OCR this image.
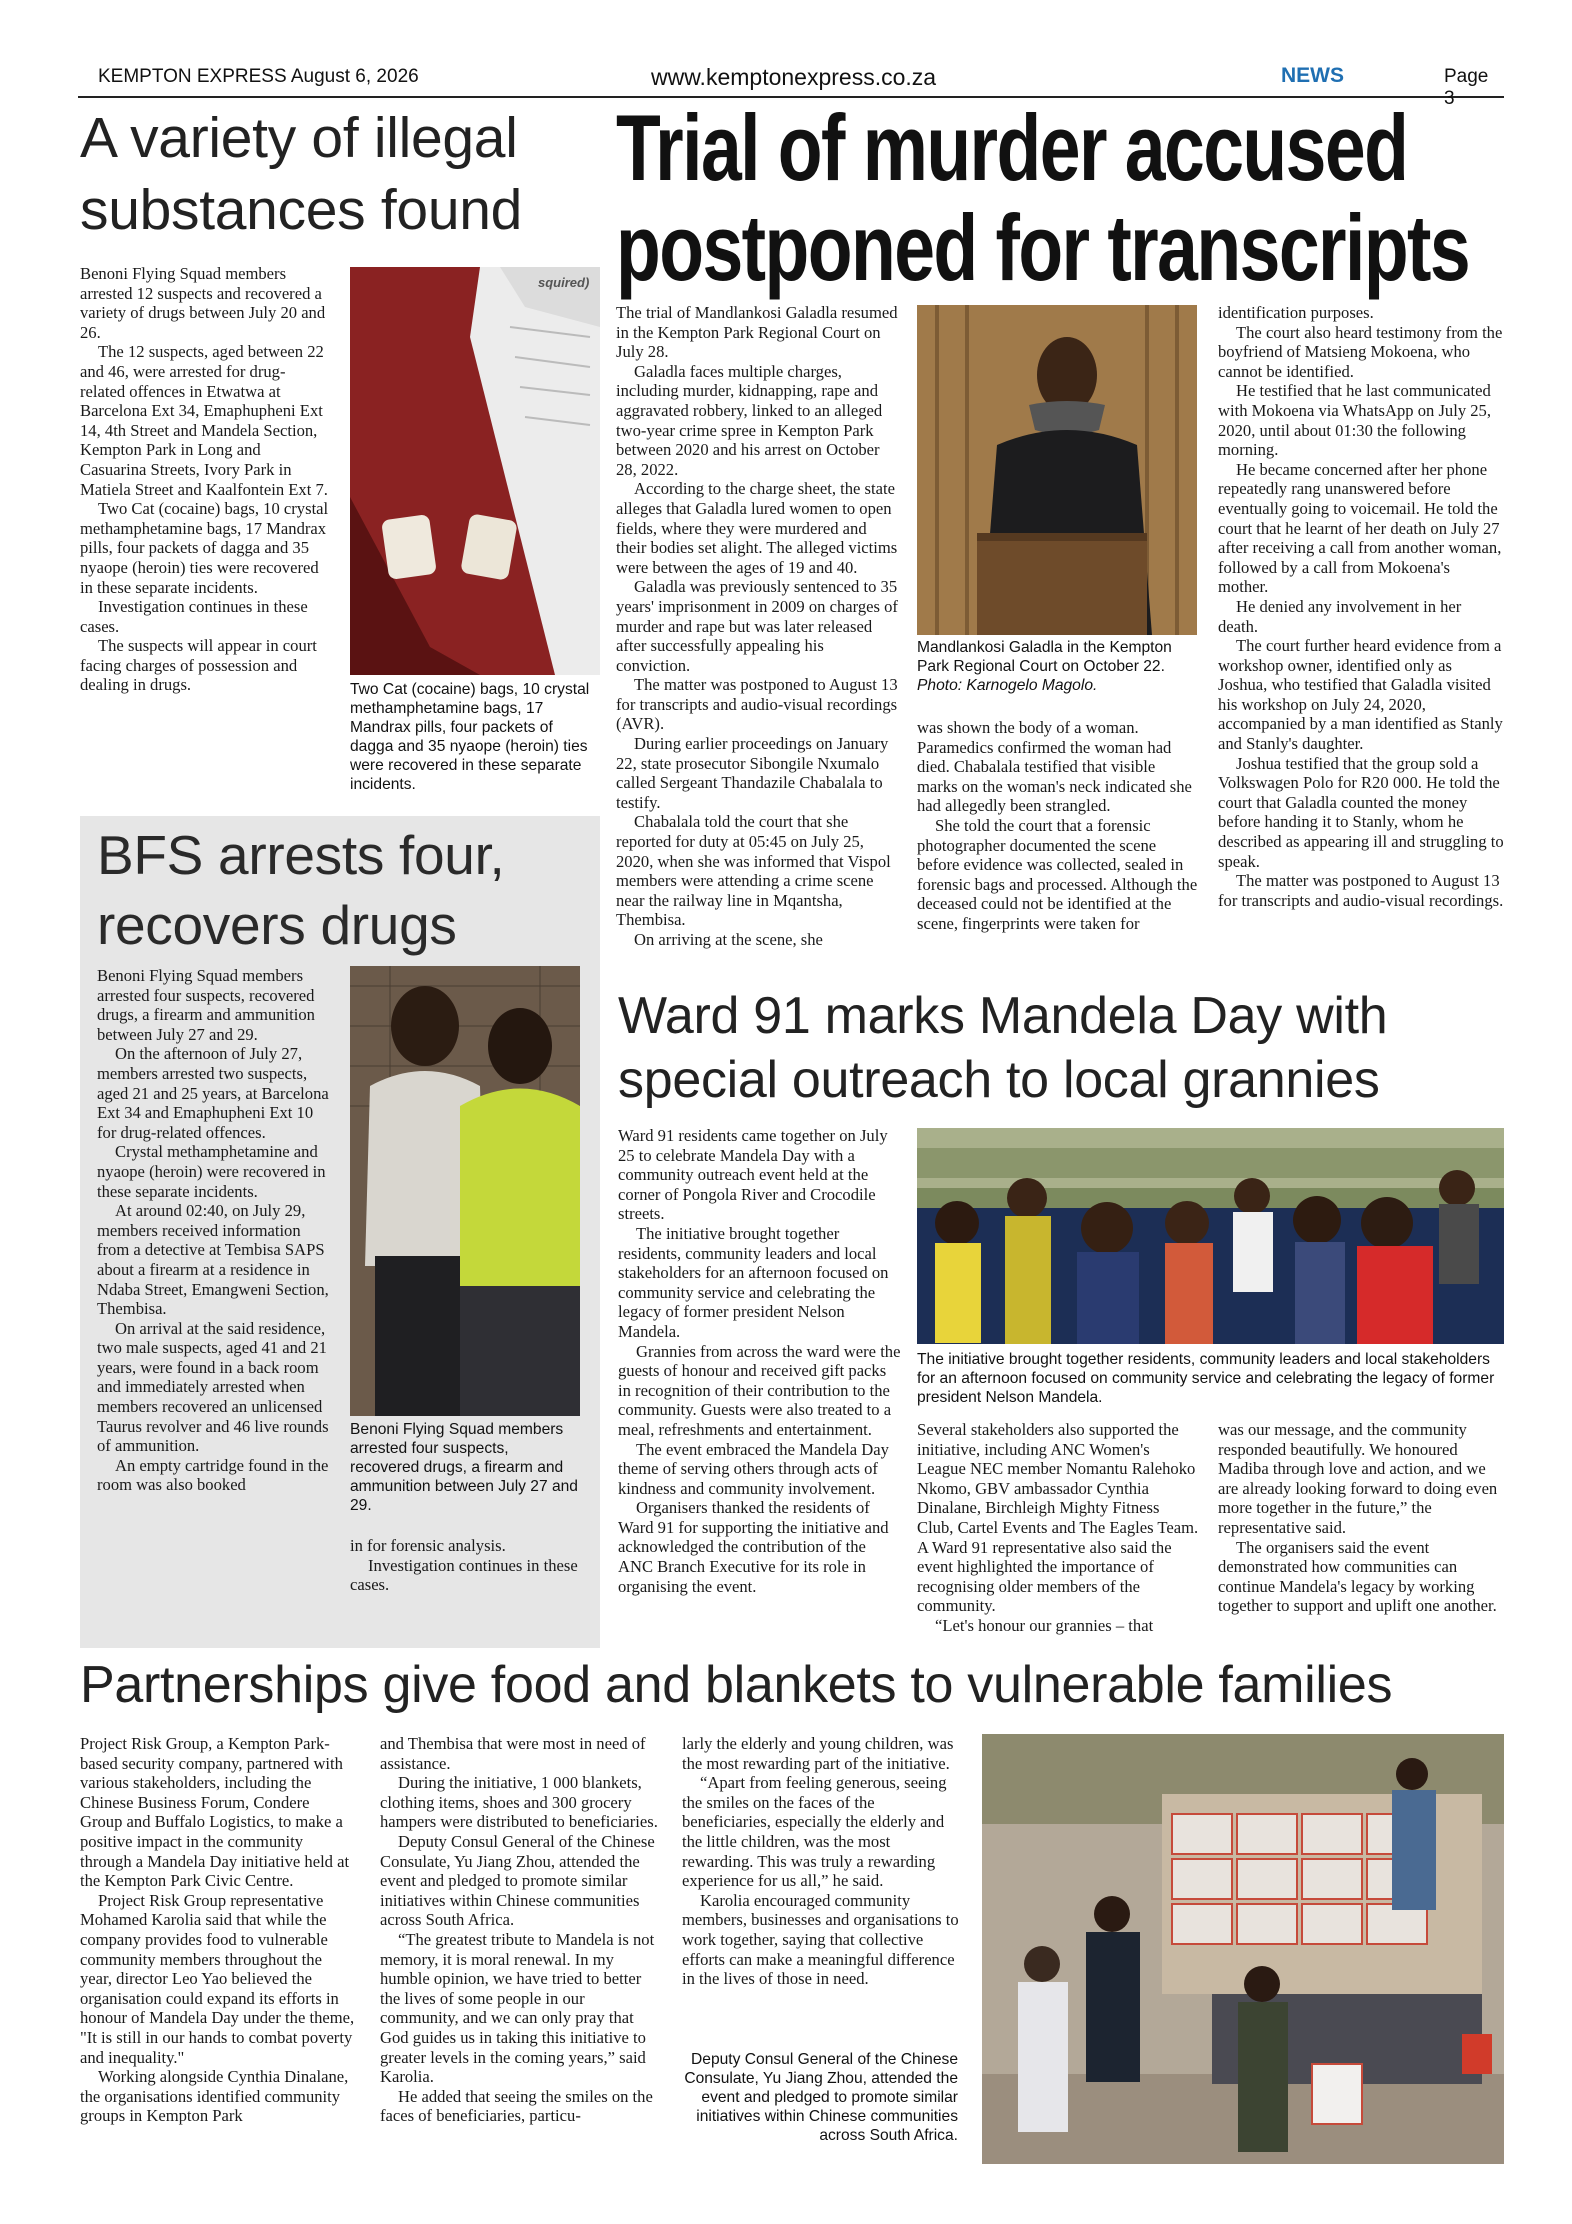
KEMPTON EXPRESS August 6, 2026	www.kemptonexpress.co.za	NEWS	Page 3
A variety of illegal substances found

Benoni Flying Squad members arrested 12 suspects and recovered a variety of drugs between July 20 and 26.

The 12 suspects, aged between 22 and 46, were arrested for drug-related offences in Etwatwa at Barcelona Ext 34, Emaphupheni Ext 14, 4th Street and Mandela Section, Kempton Park in Long and Casuarina Streets, Ivory Park in Matiela Street and Kaalfontein Ext 7.

Two Cat (cocaine) bags, 10 crystal methamphetamine bags, 17 Mandrax pills, four packets of dagga and 35 nyaope (heroin) ties were recovered in these separate incidents.

Investigation continues in these cases.

The suspects will appear in court facing charges of possession and dealing in drugs.

squired)
Two Cat (cocaine) bags, 10 crystal methamphetamine bags, 17 Mandrax pills, four packets of dagga and 35 nyaope (heroin) ties were recovered in these separate incidents.
BFS arrests four, recovers drugs

Benoni Flying Squad members arrested four suspects, recovered drugs, a firearm and ammunition between July 27 and 29.

On the afternoon of July 27, members arrested two suspects, aged 21 and 25 years, at Barcelona Ext 34 and Emaphupheni Ext 10 for drug-related offences.

Crystal methamphetamine and nyaope (heroin) were recovered in these separate incidents.

At around 02:40, on July 29, members received information from a detective at Tembisa SAPS about a firearm at a residence in Ndaba Street, Emangweni Section, Thembisa.

On arrival at the said residence, two male suspects, aged 41 and 21 years, were found in a back room and immediately arrested when members recovered an unlicensed Taurus revolver and 46 live rounds of ammunition.

An empty cartridge found in the room was also booked

Benoni Flying Squad members arrested four suspects, recovered drugs, a firearm and ammunition between July 27 and 29.

in for forensic analysis.

Investigation continues in these cases.

Trial of murder accused
postponed for transcripts

The trial of Mandlankosi Galadla resumed in the Kempton Park Regional Court on July 28.

Galadla faces multiple charges, including murder, kidnapping, rape and aggravated robbery, linked to an alleged two-year crime spree in Kempton Park between 2020 and his arrest on October 28, 2022.

According to the charge sheet, the state alleges that Galadla lured women to open fields, where they were murdered and their bodies set alight. The alleged victims were between the ages of 19 and 40.

Galadla was previously sentenced to 35 years' imprisonment in 2009 on charges of murder and rape but was later released after successfully appealing his conviction.

The matter was postponed to August 13 for transcripts and audio-visual recordings (AVR).

During earlier proceedings on January 22, state prosecutor Sibongile Nxumalo called Sergeant Thandazile Chabalala to testify.

Chabalala told the court that she reported for duty at 05:45 on July 25, 2020, when she was informed that Vispol members were attending a crime scene near the railway line in Mqantsha, Thembisa.

On arriving at the scene, she

Mandlankosi Galadla in the Kempton Park Regional Court on October 22. Photo: Karnogelo Magolo.

was shown the body of a woman. Paramedics confirmed the woman had died. Chabalala testified that visible marks on the woman's neck indicated she had allegedly been strangled.

She told the court that a forensic photographer documented the scene before evidence was collected, sealed in forensic bags and processed. Although the deceased could not be identified at the scene, fingerprints were taken for

identification purposes.

The court also heard testimony from the boyfriend of Matsieng Mokoena, who cannot be identified.

He testified that he last communicated with Mokoena via WhatsApp on July 25, 2020, until about 01:30 the following morning.

He became concerned after her phone repeatedly rang unanswered before eventually going to voicemail. He told the court that he learnt of her death on July 27 after receiving a call from another woman, followed by a call from Mokoena's mother.

He denied any involvement in her death.

The court further heard evidence from a workshop owner, identified only as Joshua, who testified that Galadla visited his workshop on July 24, 2020, accompanied by a man identified as Stanly and Stanly's daughter.

Joshua testified that the group sold a Volkswagen Polo for R20 000. He told the court that Galadla counted the money before handing it to Stanly, whom he described as appearing ill and struggling to speak.

The matter was postponed to August 13 for transcripts and audio-visual recordings.

Ward 91 marks Mandela Day with
special outreach to local grannies

Ward 91 residents came together on July 25 to celebrate Mandela Day with a community outreach event held at the corner of Pongola River and Crocodile streets.

The initiative brought together residents, community leaders and local stakeholders for an afternoon focused on community service and celebrating the legacy of former president Nelson Mandela.

Grannies from across the ward were the guests of honour and received gift packs in recognition of their contribution to the community. Guests were also treated to a meal, refreshments and entertainment.

The event embraced the Mandela Day theme of serving others through acts of kindness and community involvement.

Organisers thanked the residents of Ward 91 for supporting the initiative and acknowledged the contribution of the ANC Branch Executive for its role in organising the event.

The initiative brought together residents, community leaders and local stakeholders for an afternoon focused on community service and celebrating the legacy of former president Nelson Mandela.

Several stakeholders also supported the initiative, including ANC Women's League NEC member Nomantu Ralehoko Nkomo, GBV ambassador Cynthia Dinalane, Birchleigh Mighty Fitness Club, Cartel Events and The Eagles Team. A Ward 91 representative also said the event highlighted the importance of recognising older members of the community.

“Let's honour our grannies – that

was our message, and the community responded beautifully. We honoured Madiba through love and action, and we are already looking forward to doing even more together in the future,” the representative said.

The organisers said the event demonstrated how communities can continue Mandela's legacy by working together to support and uplift one another.

Partnerships give food and blankets to vulnerable families

Project Risk Group, a Kempton Park-based security company, partnered with various stakeholders, including the Chinese Business Forum, Condere Group and Buffalo Logistics, to make a positive impact in the community through a Mandela Day initiative held at the Kempton Park Civic Centre.

Project Risk Group representative Mohamed Karolia said that while the company provides food to vulnerable community members throughout the year, director Leo Yao believed the organisation could expand its efforts in honour of Mandela Day under the theme, "It is still in our hands to combat poverty and inequality."

Working alongside Cynthia Dinalane, the organisations identified community groups in Kempton Park

and Thembisa that were most in need of assistance.

During the initiative, 1 000 blankets, clothing items, shoes and 300 grocery hampers were distributed to beneficiaries.

Deputy Consul General of the Chinese Consulate, Yu Jiang Zhou, attended the event and pledged to promote similar initiatives within Chinese communities across South Africa.

“The greatest tribute to Mandela is not memory, it is moral renewal. In my humble opinion, we have tried to better the lives of some people in our community, and we can only pray that God guides us in taking this initiative to greater levels in the coming years,” said Karolia.

He added that seeing the smiles on the faces of beneficiaries, particu-

larly the elderly and young children, was the most rewarding part of the initiative.

“Apart from feeling generous, seeing the smiles on the faces of the beneficiaries, especially the elderly and the little children, was the most rewarding. This was truly a rewarding experience for us all,” he said.

Karolia encouraged community members, businesses and organisations to work together, saying that collective efforts can make a meaningful difference in the lives of those in need.

Deputy Consul General of the Chinese Consulate, Yu Jiang Zhou, attended the event and pledged to promote similar initiatives within Chinese communities across South Africa.
